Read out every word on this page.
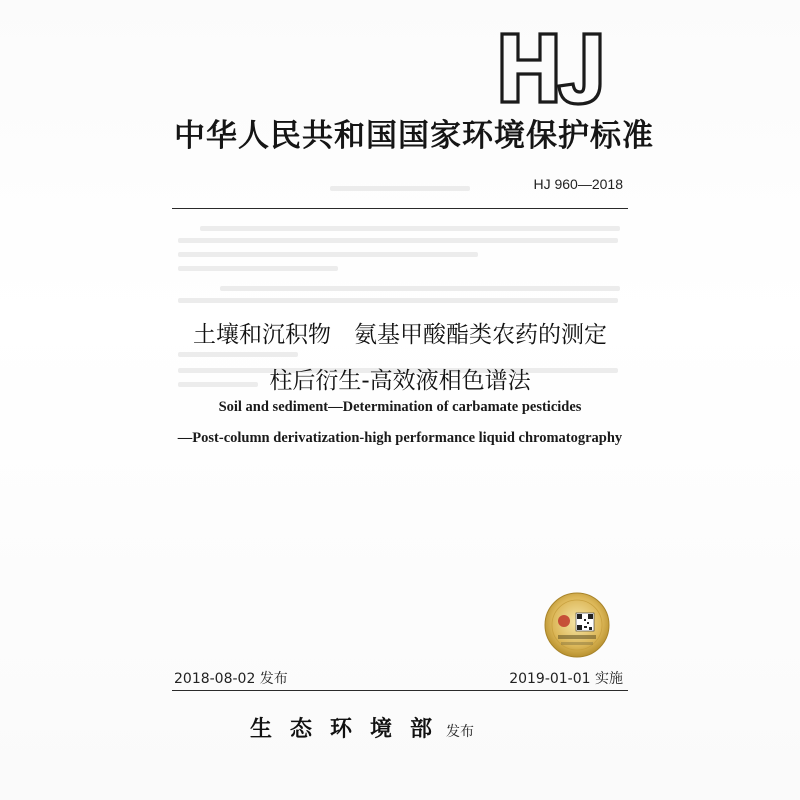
中华人民共和国国家环境保护标准
HJ 960—2018
土壤和沉积物　氨基甲酸酯类农药的测定
柱后衍生-高效液相色谱法
Soil and sediment—Determination of carbamate pesticides
—Post-column derivatization-high performance liquid chromatography
2018-08-02 发布	2019-01-01 实施
生态环境部发布
